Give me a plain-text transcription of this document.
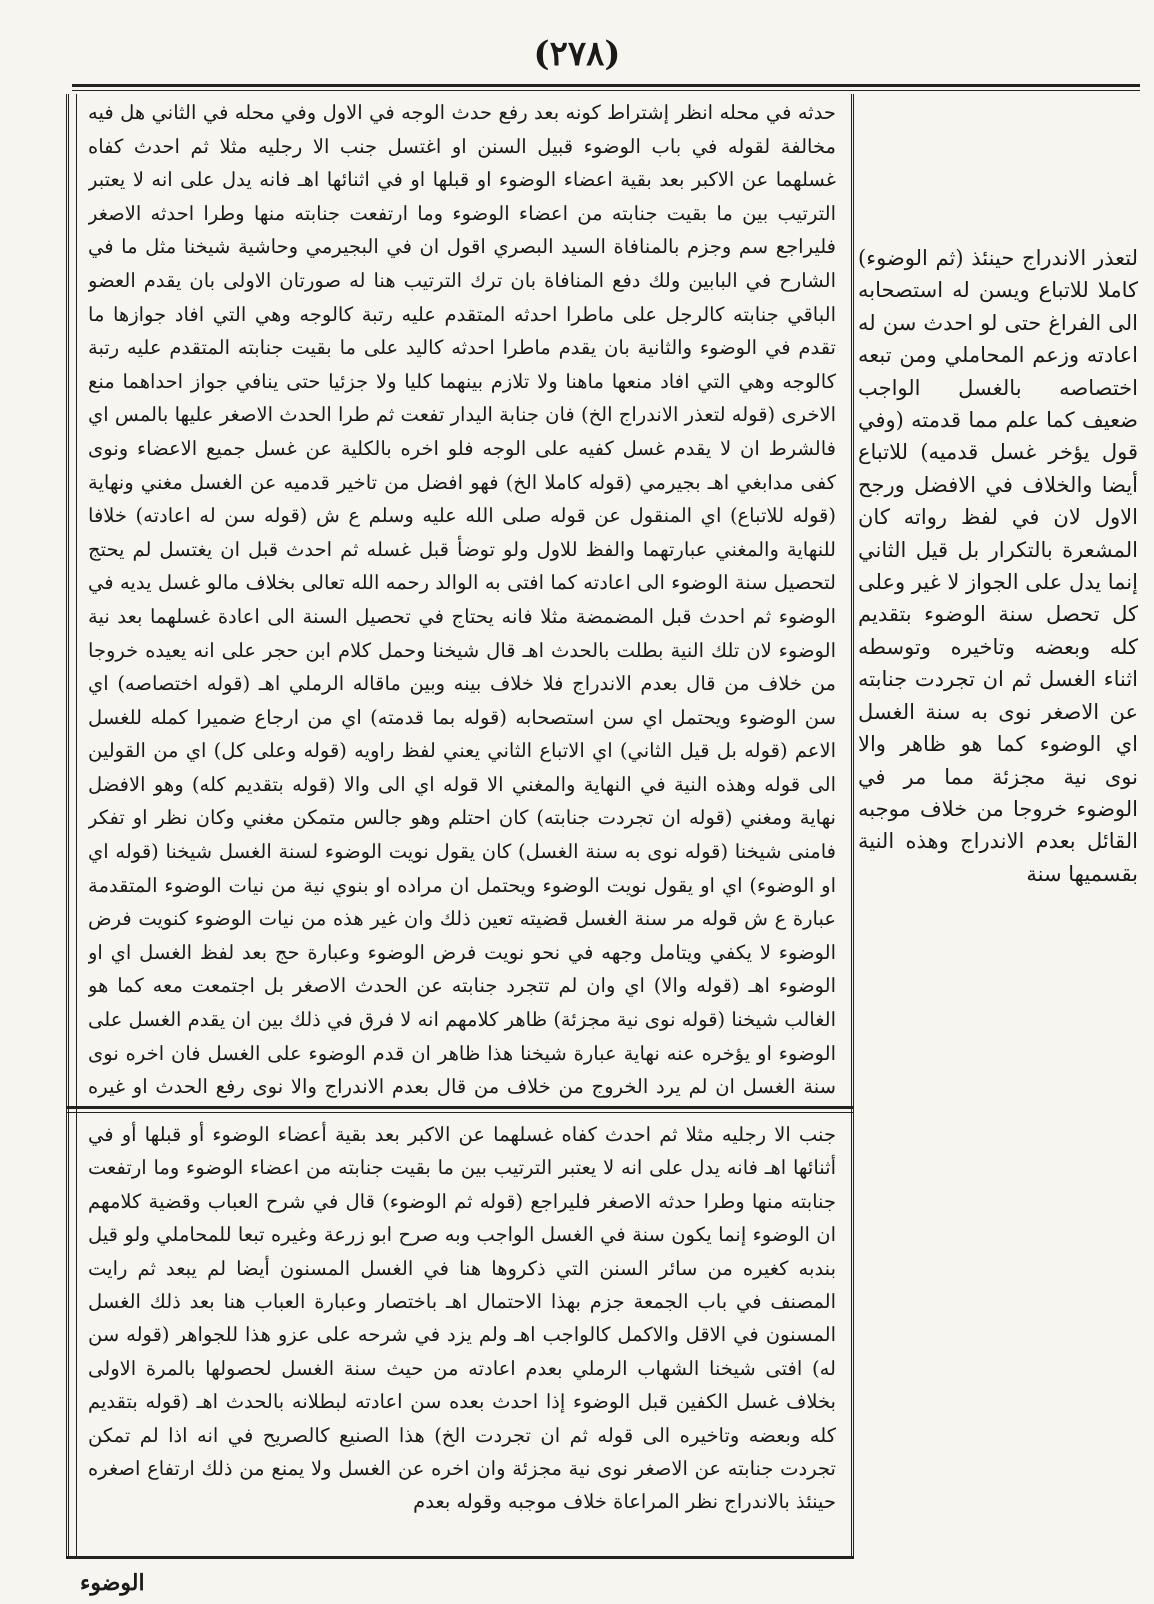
(٢٧٨)
حدثه في محله انظر إشتراط كونه بعد رفع حدث الوجه في الاول وفي محله في الثاني هل فيه مخالفة لقوله في باب الوضوء قبيل السنن او اغتسل جنب الا رجليه مثلا ثم احدث كفاه غسلهما عن الاكبر بعد بقية اعضاء الوضوء او قبلها او في اثنائها اهـ فانه يدل على انه لا يعتبر الترتيب بين ما بقيت جنابته من اعضاء الوضوء وما ارتفعت جنابته منها وطرا احدثه الاصغر فليراجع سم وجزم بالمنافاة السيد البصري اقول ان في البجيرمي وحاشية شيخنا مثل ما في الشارح في البابين ولك دفع المنافاة بان ترك الترتيب هنا له صورتان الاولى بان يقدم العضو الباقي جنابته كالرجل على ماطرا احدثه المتقدم عليه رتبة كالوجه وهي التي افاد جوازها ما تقدم في الوضوء والثانية بان يقدم ماطرا احدثه كاليد على ما بقيت جنابته المتقدم عليه رتبة كالوجه وهي التي افاد منعها ماهنا ولا تلازم بينهما كليا ولا جزئيا حتى ينافي جواز احداهما منع الاخرى (قوله لتعذر الاندراج الخ) فان جنابة اليدار تفعت ثم طرا الحدث الاصغر عليها بالمس اي فالشرط ان لا يقدم غسل كفيه على الوجه فلو اخره بالكلية عن غسل جميع الاعضاء ونوى كفى مدابغي اهـ بجيرمي (قوله كاملا الخ) فهو افضل من تاخير قدميه عن الغسل مغني ونهاية (قوله للاتباع) اي المنقول عن قوله صلى الله عليه وسلم ع ش (قوله سن له اعادته) خلافا للنهاية والمغني عبارتهما والفظ للاول ولو توضأ قبل غسله ثم احدث قبل ان يغتسل لم يحتج لتحصيل سنة الوضوء الى اعادته كما افتى به الوالد رحمه الله تعالى بخلاف مالو غسل يديه في الوضوء ثم احدث قبل المضمضة مثلا فانه يحتاج في تحصيل السنة الى اعادة غسلهما بعد نية الوضوء لان تلك النية بطلت بالحدث اهـ قال شيخنا وحمل كلام ابن حجر على انه يعيده خروجا من خلاف من قال بعدم الاندراج فلا خلاف بينه وبين ماقاله الرملي اهـ (قوله اختصاصه) اي سن الوضوء ويحتمل اي سن استصحابه (قوله بما قدمته) اي من ارجاع ضميرا كمله للغسل الاعم (قوله بل قيل الثاني) اي الاتباع الثاني يعني لفظ راويه (قوله وعلى كل) اي من القولين الى قوله وهذه النية في النهاية والمغني الا قوله اي الى والا (قوله بتقديم كله) وهو الافضل نهاية ومغني (قوله ان تجردت جنابته) كان احتلم وهو جالس متمكن مغني وكان نظر او تفكر فامنى شيخنا (قوله نوى به سنة الغسل) كان يقول نويت الوضوء لسنة الغسل شيخنا (قوله اي او الوضوء) اي او يقول نويت الوضوء ويحتمل ان مراده او بنوي نية من نيات الوضوء المتقدمة عبارة ع ش قوله مر سنة الغسل قضيته تعين ذلك وان غير هذه من نيات الوضوء كنويت فرض الوضوء لا يكفي ويتامل وجهه في نحو نويت فرض الوضوء وعبارة حج بعد لفظ الغسل اي او الوضوء اهـ (قوله والا) اي وان لم تتجرد جنابته عن الحدث الاصغر بل اجتمعت معه كما هو الغالب شيخنا (قوله نوى نية مجزئة) ظاهر كلامهم انه لا فرق في ذلك بين ان يقدم الغسل على الوضوء او يؤخره عنه نهاية عبارة شيخنا هذا ظاهر ان قدم الوضوء على الغسل فان اخره نوى سنة الغسل ان لم يرد الخروج من خلاف من قال بعدم الاندراج والا نوى رفع الحدث او غيره
جنب الا رجليه مثلا ثم احدث كفاه غسلهما عن الاكبر بعد بقية أعضاء الوضوء أو قبلها أو في أثنائها اهـ فانه يدل على انه لا يعتبر الترتيب بين ما بقيت جنابته من اعضاء الوضوء وما ارتفعت جنابته منها وطرا حدثه الاصغر فليراجع (قوله ثم الوضوء) قال في شرح العباب وقضية كلامهم ان الوضوء إنما يكون سنة في الغسل الواجب وبه صرح ابو زرعة وغيره تبعا للمحاملي ولو قيل بندبه كغيره من سائر السنن التي ذكروها هنا في الغسل المسنون أيضا لم يبعد ثم رايت المصنف في باب الجمعة جزم بهذا الاحتمال اهـ باختصار وعبارة العباب هنا بعد ذلك الغسل المسنون في الاقل والاكمل كالواجب اهـ ولم يزد في شرحه على عزو هذا للجواهر (قوله سن له) افتى شيخنا الشهاب الرملي بعدم اعادته من حيث سنة الغسل لحصولها بالمرة الاولى بخلاف غسل الكفين قبل الوضوء إذا احدث بعده سن اعادته لبطلانه بالحدث اهـ (قوله بتقديم كله وبعضه وتاخيره الى قوله ثم ان تجردت الخ) هذا الصنيع كالصريح في انه اذا لم تمكن تجردت جنابته عن الاصغر نوى نية مجزئة وان اخره عن الغسل ولا يمنع من ذلك ارتفاع اصغره حينئذ بالاندراج نظر المراعاة خلاف موجبه وقوله بعدم
لتعذر الاندراج حينئذ (ثم الوضوء) كاملا للاتباع ويسن له استصحابه الى الفراغ حتى لو احدث سن له اعادته وزعم المحاملي ومن تبعه اختصاصه بالغسل الواجب ضعيف كما علم مما قدمته (وفي قول يؤخر غسل قدميه) للاتباع أيضا والخلاف في الافضل ورجح الاول لان في لفظ رواته كان المشعرة بالتكرار بل قيل الثاني إنما يدل على الجواز لا غير وعلى كل تحصل سنة الوضوء بتقديم كله وبعضه وتاخيره وتوسطه اثناء الغسل ثم ان تجردت جنابته عن الاصغر نوى به سنة الغسل اي الوضوء كما هو ظاهر والا نوى نية مجزئة مما مر في الوضوء خروجا من خلاف موجبه القائل بعدم الاندراج وهذه النية بقسميها سنة
الوضوء
